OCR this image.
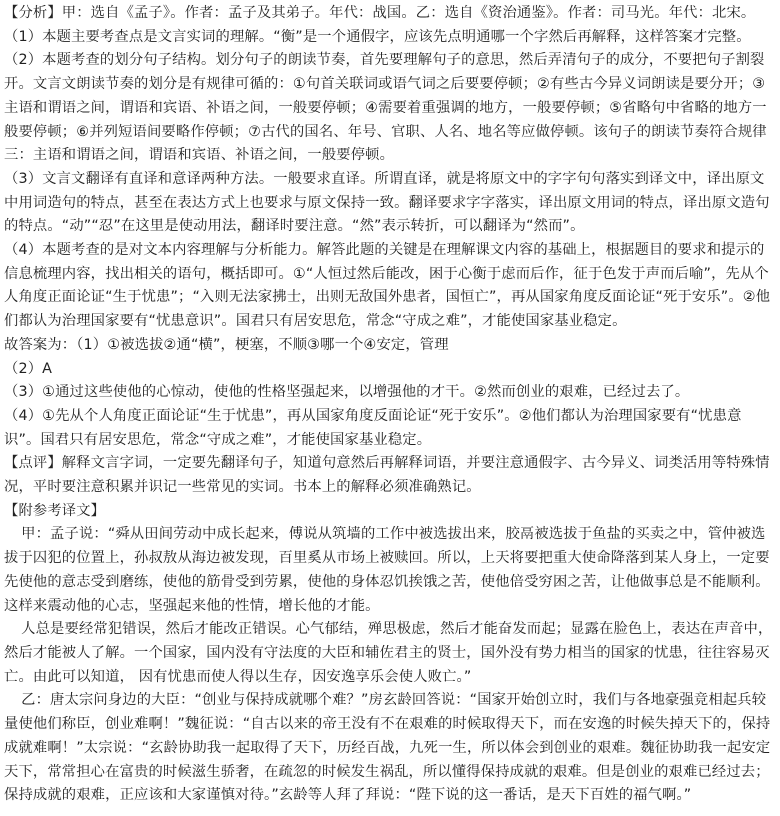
【分析】甲：选自《孟子》。作者：孟子及其弟子。年代：战国。乙：选自《资治通鉴》。作者：司马光。年代：北宋。

（1）本题主要考查点是文言实词的理解。“衡”是一个通假字，应该先点明通哪一个字然后再解释，这样答案才完整。

（2）本题考查的划分句子结构。划分句子的朗读节奏，首先要理解句子的意思，然后弄清句子的成分，不要把句子割裂开。文言文朗读节奏的划分是有规律可循的：①句首关联词或语气词之后要要停顿；②有些古今异义词朗读是要分开；③主语和谓语之间，谓语和宾语、补语之间，一般要停顿；④需要着重强调的地方，一般要停顿；⑤省略句中省略的地方一般要停顿；⑥并列短语间要略作停顿；⑦古代的国名、年号、官职、人名、地名等应做停顿。该句子的朗读节奏符合规律三：主语和谓语之间，谓语和宾语、补语之间，一般要停顿。

（3）文言文翻译有直译和意译两种方法。一般要求直译。所谓直译，就是将原文中的字字句句落实到译文中，译出原文中用词造句的特点，甚至在表达方式上也要求与原文保持一致。翻译要求字字落实，译出原文用词的特点，译出原文造句的特点。“动”“忍”在这里是使动用法，翻译时要注意。“然”表示转折，可以翻译为“然而”。

（4）本题考查的是对文本内容理解与分析能力。解答此题的关键是在理解课文内容的基础上，根据题目的要求和提示的信息梳理内容，找出相关的语句，概括即可。①“人恒过然后能改，困于心衡于虑而后作，征于色发于声而后喻”，先从个人角度正面论证“生于忧患”；“入则无法家拂士，出则无敌国外患者，国恒亡”，再从国家角度反面论证“死于安乐”。②他们都认为治理国家要有“忧患意识”。国君只有居安思危，常念“守成之难”，才能使国家基业稳定。

故答案为：（1）①被选拔②通“横”，梗塞，不顺③哪一个④安定，管理

（2）A

（3）①通过这些使他的心惊动，使他的性格坚强起来，以增强他的才干。②然而创业的艰难，已经过去了。

（4）①先从个人角度正面论证“生于忧患”，再从国家角度反面论证“死于安乐”。②他们都认为治理国家要有“忧患意识”。国君只有居安思危，常念“守成之难”，才能使国家基业稳定。

【点评】解释文言字词，一定要先翻译句子，知道句意然后再解释词语，并要注意通假字、古今异义、词类活用等特殊情况，平时要注意积累并识记一些常见的实词。书本上的解释必须准确熟记。

【附参考译文】

甲：孟子说：“舜从田间劳动中成长起来，傅说从筑墙的工作中被选拔出来，胶鬲被选拔于鱼盐的买卖之中，管仲被选拔于囚犯的位置上，孙叔敖从海边被发现，百里奚从市场上被赎回。所以，上天将要把重大使命降落到某人身上，一定要先使他的意志受到磨练，使他的筋骨受到劳累，使他的身体忍饥挨饿之苦，使他倍受穷困之苦，让他做事总是不能顺利。这样来震动他的心志，坚强起来他的性情，增长他的才能。

人总是要经常犯错误，然后才能改正错误。心气郁结，殚思极虑，然后才能奋发而起；显露在脸色上，表达在声音中，然后才能被人了解。一个国家，国内没有守法度的大臣和辅佐君主的贤士，国外没有势力相当的国家的忧患，往往容易灭亡。由此可以知道， 因有忧患而使人得以生存，因安逸享乐会使人败亡。”

乙：唐太宗问身边的大臣：“创业与保持成就哪个难？”房玄龄回答说：“国家开始创立时，我们与各地豪强竞相起兵较量使他们称臣，创业难啊！”魏征说：“自古以来的帝王没有不在艰难的时候取得天下，而在安逸的时候失掉天下的，保持成就难啊！”太宗说：“玄龄协助我一起取得了天下，历经百战，九死一生，所以体会到创业的艰难。魏征协助我一起安定天下，常常担心在富贵的时候滋生骄奢，在疏忽的时候发生祸乱，所以懂得保持成就的艰难。但是创业的艰难已经过去；保持成就的艰难，正应该和大家谨慎对待。”玄龄等人拜了拜说：“陛下说的这一番话，是天下百姓的福气啊。”
